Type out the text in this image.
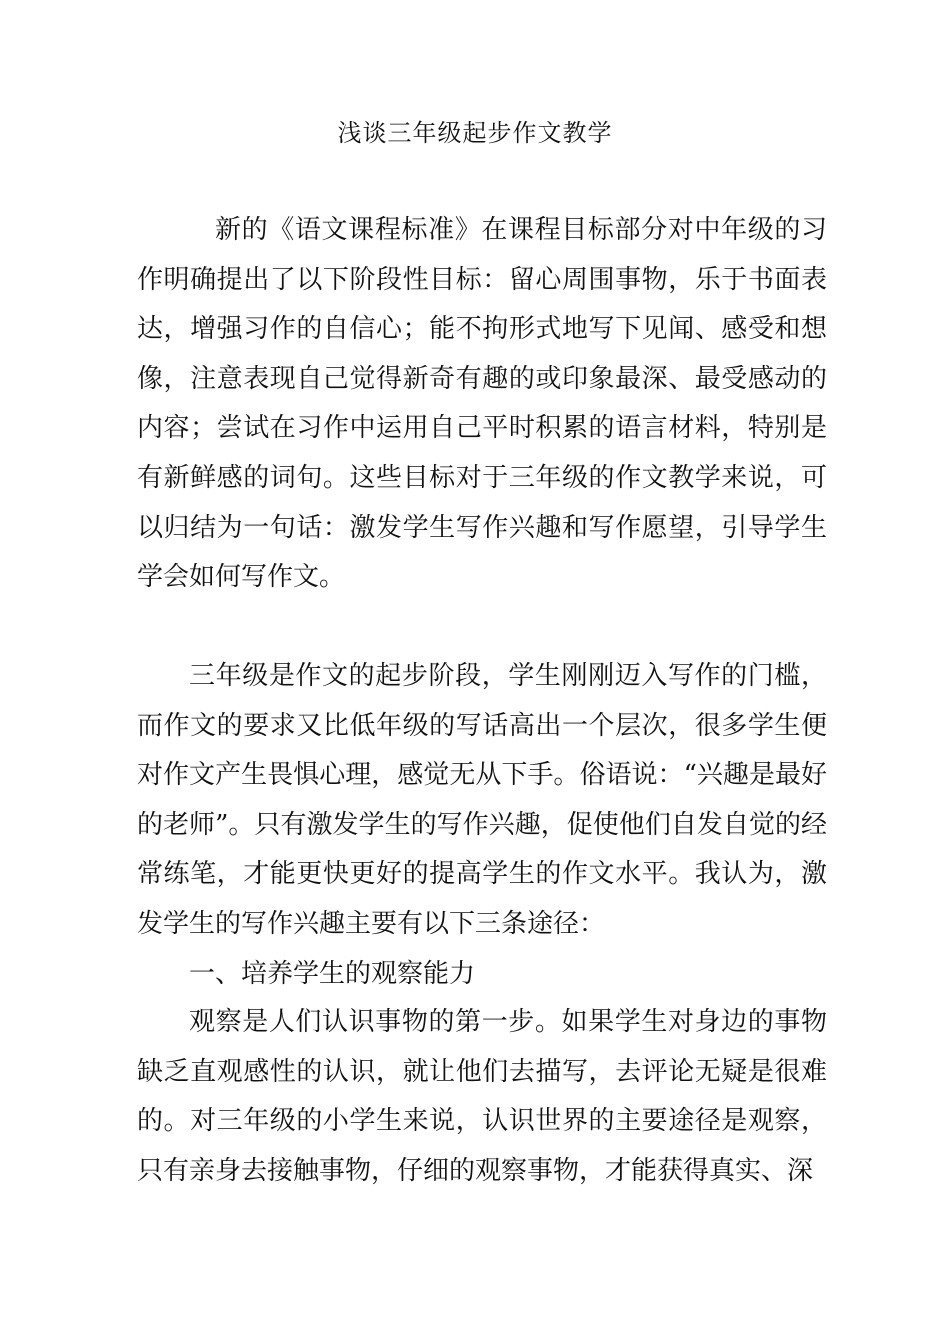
浅谈三年级起步作文教学

新的《语文课程标准》在课程目标部分对中年级的习作明确提出了以下阶段性目标：留心周围事物，乐于书面表达，增强习作的自信心；能不拘形式地写下见闻、感受和想像，注意表现自己觉得新奇有趣的或印象最深、最受感动的内容；尝试在习作中运用自己平时积累的语言材料，特别是有新鲜感的词句。这些目标对于三年级的作文教学来说，可以归结为一句话：激发学生写作兴趣和写作愿望，引导学生学会如何写作文。

三年级是作文的起步阶段，学生刚刚迈入写作的门槛，而作文的要求又比低年级的写话高出一个层次，很多学生便对作文产生畏惧心理，感觉无从下手。俗语说：“兴趣是最好的老师”。只有激发学生的写作兴趣，促使他们自发自觉的经常练笔，才能更快更好的提高学生的作文水平。我认为，激发学生的写作兴趣主要有以下三条途径：

一、培养学生的观察能力

观察是人们认识事物的第一步。如果学生对身边的事物缺乏直观感性的认识，就让他们去描写，去评论无疑是很难的。对三年级的小学生来说，认识世界的主要途径是观察，只有亲身去接触事物，仔细的观察事物，才能获得真实、深
